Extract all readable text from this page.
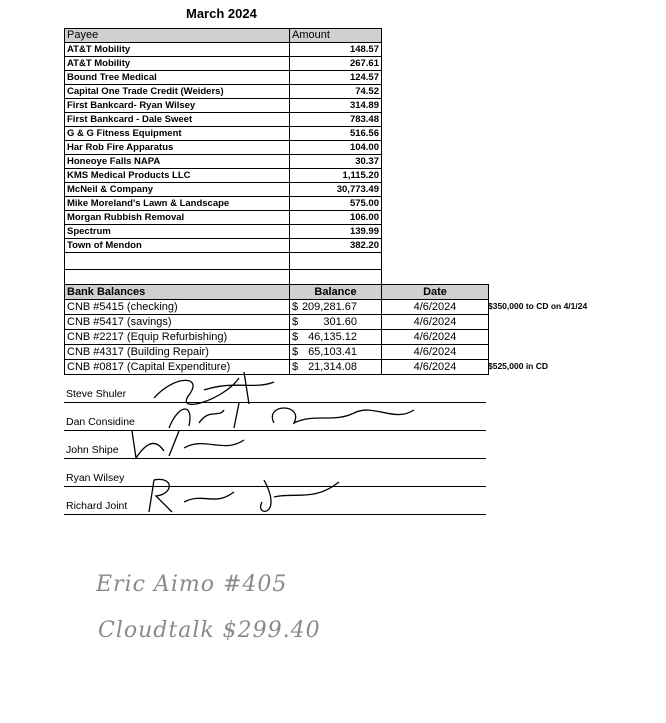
March 2024
Payee	Amount
AT&T Mobility	148.57
AT&T Mobility	267.61
Bound Tree Medical	124.57
Capital One Trade Credit (Weiders)	74.52
First Bankcard- Ryan Wilsey	314.89
First Bankcard - Dale Sweet	783.48
G & G Fitness Equipment	516.56
Har Rob Fire Apparatus	104.00
Honeoye Falls NAPA	30.37
KMS Medical Products LLC	1,115.20
McNeil & Company	30,773.49
Mike Moreland's Lawn & Landscape	575.00
Morgan Rubbish Removal	106.00
Spectrum	139.99
Town of Mendon	382.20

Bank Balances	Balance	Date
CNB #5415 (checking)	$ 209,281.67	4/6/2024
CNB #5417 (savings)	$ 301.60	4/6/2024
CNB #2217 (Equip Refurbishing)	$ 46,135.12	4/6/2024
CNB #4317 (Building Repair)	$ 65,103.41	4/6/2024
CNB #0817 (Capital Expenditure)	$ 21,314.08	4/6/2024
$350,000 to CD on 4/1/24
$525,000 in CD
Steve Shuler
Dan Considine
John Shipe
Ryan Wilsey
Richard Joint
Eric Aimo #405
Cloudtalk $299.40
